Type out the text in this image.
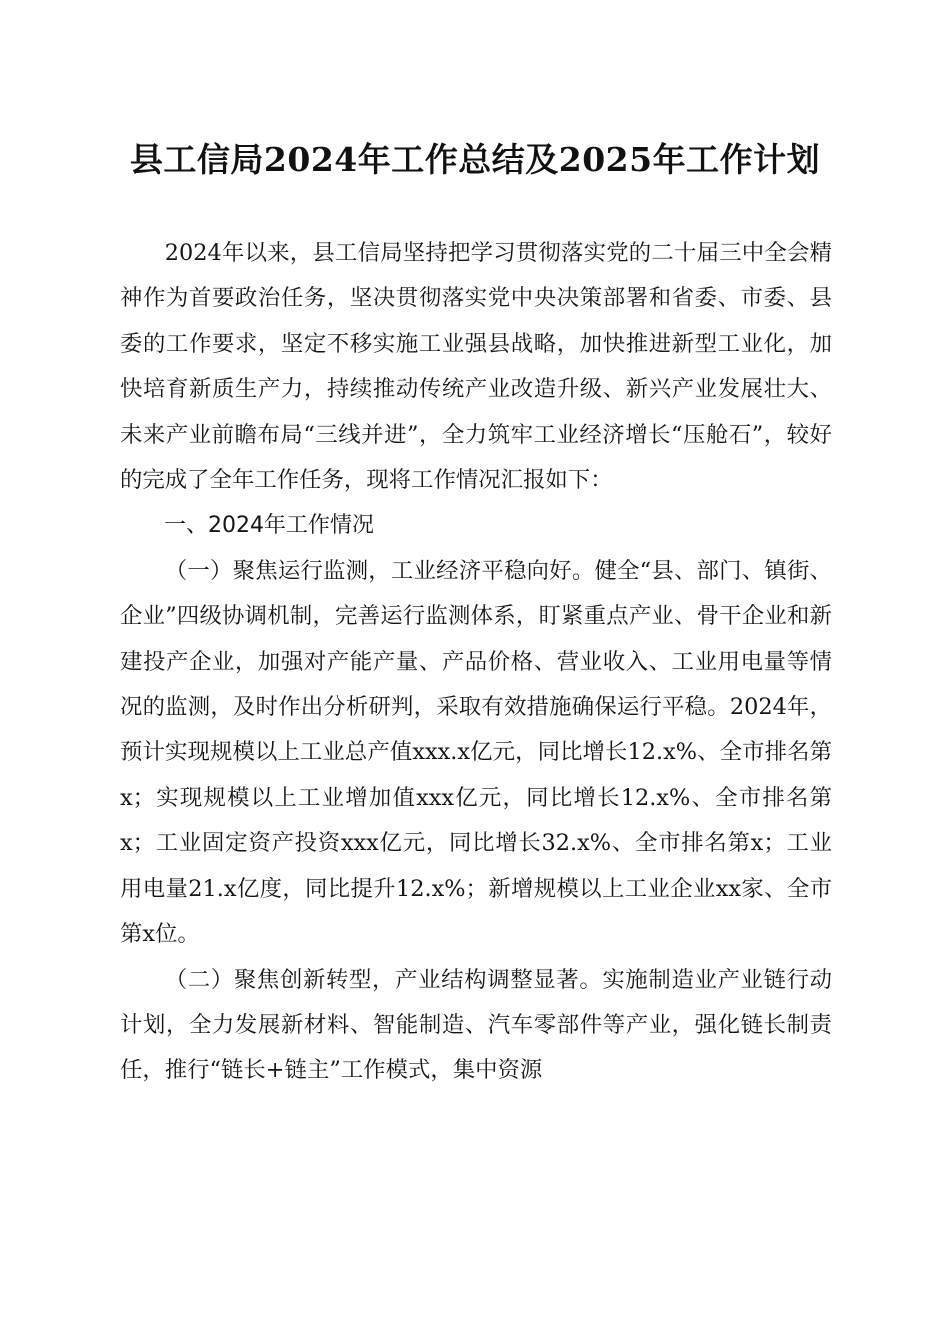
县工信局2024年工作总结及2025年工作计划

2024年以来，县工信局坚持把学习贯彻落实党的二十届三中全会精神作为首要政治任务，坚决贯彻落实党中央决策部署和省委、市委、县委的工作要求，坚定不移实施工业强县战略，加快推进新型工业化，加快培育新质生产力，持续推动传统产业改造升级、新兴产业发展壮大、未来产业前瞻布局“三线并进”，全力筑牢工业经济增长“压舱石”，较好的完成了全年工作任务，现将工作情况汇报如下：

一、2024年工作情况

（一）聚焦运行监测，工业经济平稳向好。健全“县、部门、镇街、企业”四级协调机制，完善运行监测体系，盯紧重点产业、骨干企业和新建投产企业，加强对产能产量、产品价格、营业收入、工业用电量等情况的监测，及时作出分析研判，采取有效措施确保运行平稳。2024年，预计实现规模以上工业总产值xxx.x亿元，同比增长12.x%、全市排名第x；实现规模以上工业增加值xxx亿元，同比增长12.x%、全市排名第x；工业固定资产投资xxx亿元，同比增长32.x%、全市排名第x；工业用电量21.x亿度，同比提升12.x%；新增规模以上工业企业xx家、全市第x位。

（二）聚焦创新转型，产业结构调整显著。实施制造业产业链行动计划，全力发展新材料、智能制造、汽车零部件等产业，强化链长制责任，推行“链长+链主”工作模式，集中资源
